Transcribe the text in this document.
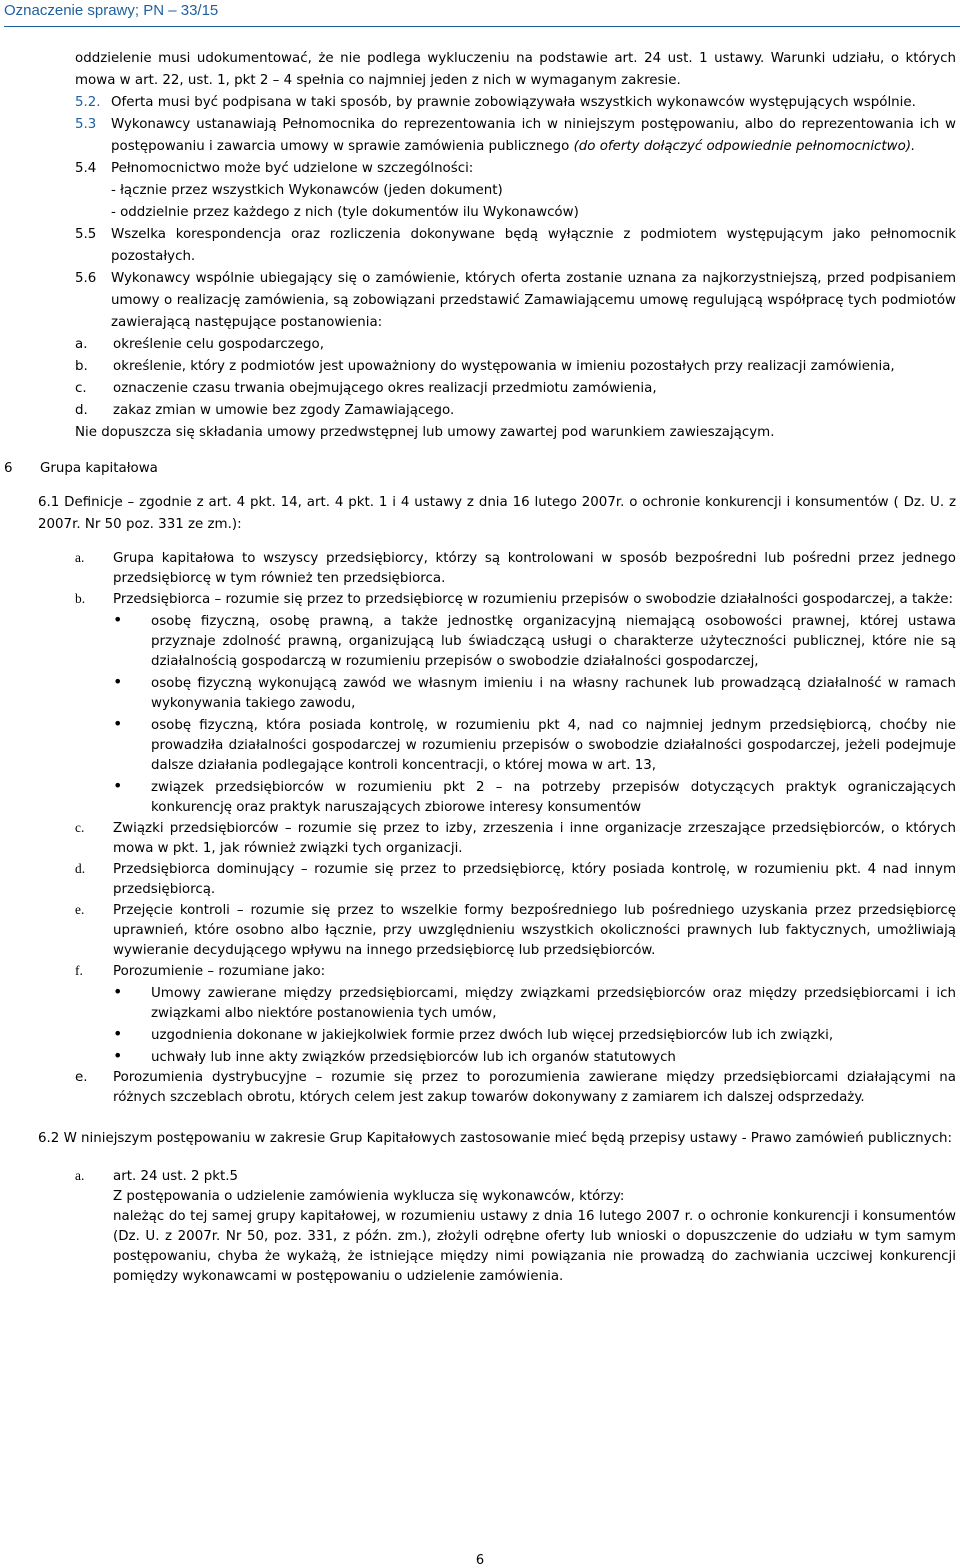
Oznaczenie sprawy; PN – 33/15

oddzielenie musi udokumentować, że nie podlega wykluczeniu na podstawie art. 24 ust. 1 ustawy. Warunki udziału, o których mowa w art. 22, ust. 1, pkt 2 – 4 spełnia co najmniej jeden z nich w wymaganym zakresie.

5.2. Oferta musi być podpisana w taki sposób, by prawnie zobowiązywała wszystkich wykonawców występujących wspólnie.

5.3 Wykonawcy ustanawiają Pełnomocnika do reprezentowania ich w niniejszym postępowaniu, albo do reprezentowania ich w postępowaniu i zawarcia umowy w sprawie zamówienia publicznego (do oferty dołączyć odpowiednie pełnomocnictwo).

5.4 Pełnomocnictwo może być udzielone w szczególności:
- łącznie przez wszystkich Wykonawców (jeden dokument)
- oddzielnie przez każdego z nich (tyle dokumentów ilu Wykonawców)

5.5 Wszelka korespondencja oraz rozliczenia dokonywane będą wyłącznie z podmiotem występującym jako pełnomocnik pozostałych.

5.6 Wykonawcy wspólnie ubiegający się o zamówienie, których oferta zostanie uznana za najkorzystniejszą, przed podpisaniem umowy o realizację zamówienia, są zobowiązani przedstawić Zamawiającemu umowę regulującą współpracę tych podmiotów zawierającą następujące postanowienia:

a. określenie celu gospodarczego,
b. określenie, który z podmiotów jest upoważniony do występowania w imieniu pozostałych przy realizacji zamówienia,
c. oznaczenie czasu trwania obejmującego okres realizacji przedmiotu zamówienia,
d. zakaz zmian w umowie bez zgody Zamawiającego.

Nie dopuszcza się składania umowy przedwstępnej lub umowy zawartej pod warunkiem zawieszającym.

6 Grupa kapitałowa

6.1 Definicje – zgodnie z art. 4 pkt. 14, art. 4 pkt. 1 i 4 ustawy z dnia 16 lutego 2007r. o ochronie konkurencji i konsumentów ( Dz. U. z 2007r. Nr 50 poz. 331 ze zm.):

a. Grupa kapitałowa to wszyscy przedsiębiorcy, którzy są kontrolowani w sposób bezpośredni lub pośredni przez jednego przedsiębiorcę w tym również ten przedsiębiorca.
b. Przedsiębiorca – rozumie się przez to przedsiębiorcę w rozumieniu przepisów o swobodzie działalności gospodarczej, a także:
• osobę fizyczną, osobę prawną, a także jednostkę organizacyjną niemającą osobowości prawnej, której ustawa przyznaje zdolność prawną, organizującą lub świadczącą usługi o charakterze użyteczności publicznej, które nie są działalnością gospodarczą w rozumieniu przepisów o swobodzie działalności gospodarczej,
• osobę fizyczną wykonującą zawód we własnym imieniu i na własny rachunek lub prowadzącą działalność w ramach wykonywania takiego zawodu,
• osobę fizyczną, która posiada kontrolę, w rozumieniu pkt 4, nad co najmniej jednym przedsiębiorcą, choćby nie prowadziła działalności gospodarczej w rozumieniu przepisów o swobodzie działalności gospodarczej, jeżeli podejmuje dalsze działania podlegające kontroli koncentracji, o której mowa w art. 13,
• związek przedsiębiorców w rozumieniu pkt 2 – na potrzeby przepisów dotyczących praktyk ograniczających konkurencję oraz praktyk naruszających zbiorowe interesy konsumentów
c. Związki przedsiębiorców – rozumie się przez to izby, zrzeszenia i inne organizacje zrzeszające przedsiębiorców, o których mowa w pkt. 1, jak również związki tych organizacji.
d. Przedsiębiorca dominujący – rozumie się przez to przedsiębiorcę, który posiada kontrolę, w rozumieniu pkt. 4 nad innym przedsiębiorcą.
e. Przejęcie kontroli – rozumie się przez to wszelkie formy bezpośredniego lub pośredniego uzyskania przez przedsiębiorcę uprawnień, które osobno albo łącznie, przy uwzględnieniu wszystkich okoliczności prawnych lub faktycznych, umożliwiają wywieranie decydującego wpływu na innego przedsiębiorcę lub przedsiębiorców.
f. Porozumienie – rozumiane jako:
• Umowy zawierane między przedsiębiorcami, między związkami przedsiębiorców oraz między przedsiębiorcami i ich związkami albo niektóre postanowienia tych umów,
• uzgodnienia dokonane w jakiejkolwiek formie przez dwóch lub więcej przedsiębiorców lub ich związki,
• uchwały lub inne akty związków przedsiębiorców lub ich organów statutowych
e. Porozumienia dystrybucyjne – rozumie się przez to porozumienia zawierane między przedsiębiorcami działającymi na różnych szczeblach obrotu, których celem jest zakup towarów dokonywany z zamiarem ich dalszej odsprzedaży.

6.2 W niniejszym postępowaniu w zakresie Grup Kapitałowych zastosowanie mieć będą przepisy ustawy - Prawo zamówień publicznych:

a. art. 24 ust. 2 pkt.5
Z postępowania o udzielenie zamówienia wyklucza się wykonawców, którzy:
należąc do tej samej grupy kapitałowej, w rozumieniu ustawy z dnia 16 lutego 2007 r. o ochronie konkurencji i konsumentów (Dz. U. z 2007r. Nr 50, poz. 331, z późn. zm.), złożyli odrębne oferty lub wnioski o dopuszczenie do udziału w tym samym postępowaniu, chyba że wykażą, że istniejące między nimi powiązania nie prowadzą do zachwiania uczciwej konkurencji pomiędzy wykonawcami w postępowaniu o udzielenie zamówienia.
6
